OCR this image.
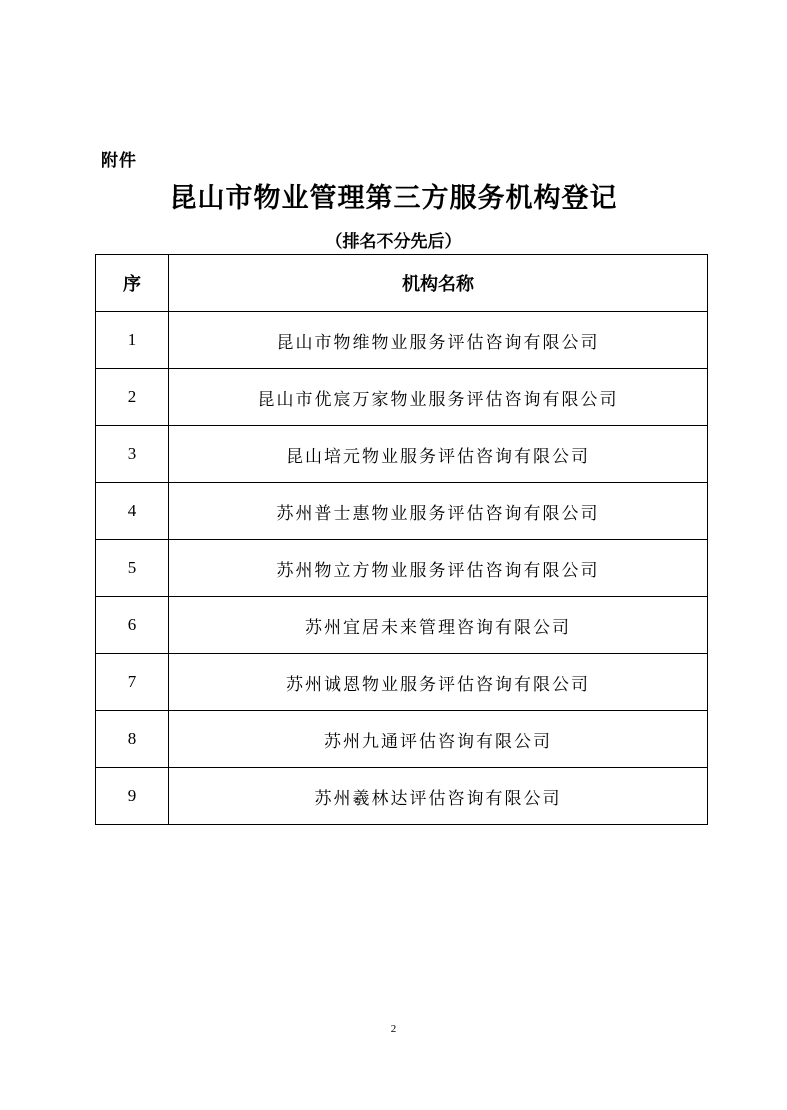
附件
昆山市物业管理第三方服务机构登记
（排名不分先后）
序	机构名称
1	昆山市物维物业服务评估咨询有限公司
2	昆山市优宸万家物业服务评估咨询有限公司
3	昆山培元物业服务评估咨询有限公司
4	苏州普士惠物业服务评估咨询有限公司
5	苏州物立方物业服务评估咨询有限公司
6	苏州宜居未来管理咨询有限公司
7	苏州诚恩物业服务评估咨询有限公司
8	苏州九通评估咨询有限公司
9	苏州羲林达评估咨询有限公司
2
